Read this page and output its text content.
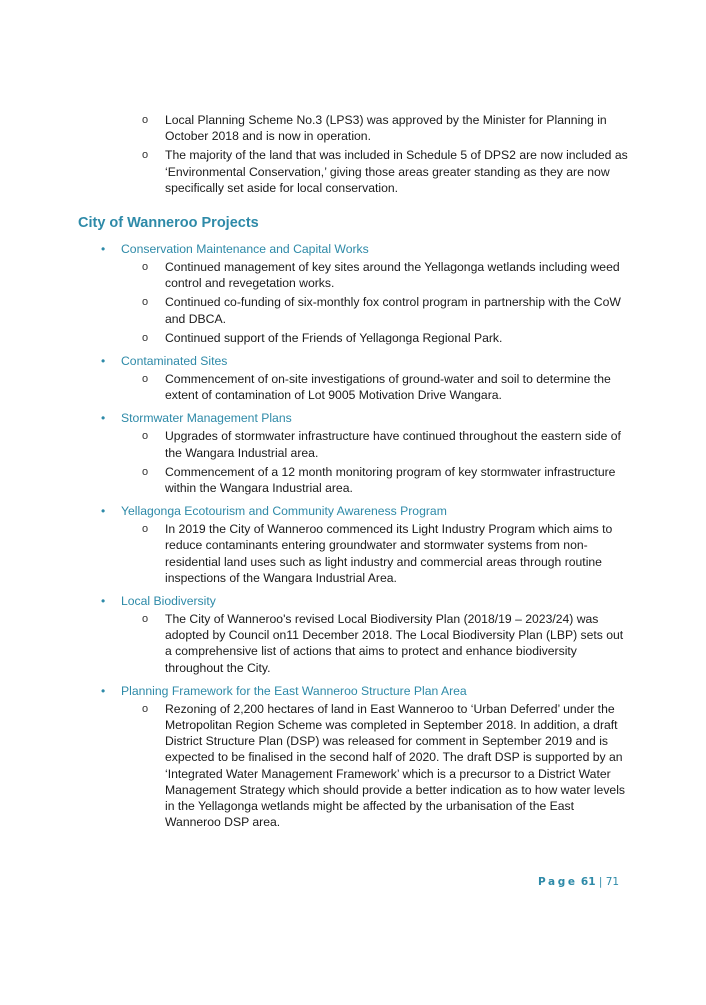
o Local Planning Scheme No.3 (LPS3) was approved by the Minister for Planning in October 2018 and is now in operation.
o The majority of the land that was included in Schedule 5 of DPS2 are now included as ‘Environmental Conservation,’ giving those areas greater standing as they are now specifically set aside for local conservation.
City of Wanneroo Projects
• Conservation Maintenance and Capital Works
o Continued management of key sites around the Yellagonga wetlands including weed control and revegetation works.
o Continued co-funding of six-monthly fox control program in partnership with the CoW and DBCA.
o Continued support of the Friends of Yellagonga Regional Park.
• Contaminated Sites
o Commencement of on-site investigations of ground-water and soil to determine the extent of contamination of Lot 9005 Motivation Drive Wangara.
• Stormwater Management Plans
o Upgrades of stormwater infrastructure have continued throughout the eastern side of the Wangara Industrial area.
o Commencement of a 12 month monitoring program of key stormwater infrastructure within the Wangara Industrial area.
• Yellagonga Ecotourism and Community Awareness Program
o In 2019 the City of Wanneroo commenced its Light Industry Program which aims to reduce contaminants entering groundwater and stormwater systems from non-residential land uses such as light industry and commercial areas through routine inspections of the Wangara Industrial Area.
• Local Biodiversity
o The City of Wanneroo's revised Local Biodiversity Plan (2018/19 – 2023/24) was adopted by Council on11 December 2018. The Local Biodiversity Plan (LBP) sets out a comprehensive list of actions that aims to protect and enhance biodiversity throughout the City.
• Planning Framework for the East Wanneroo Structure Plan Area
o Rezoning of 2,200 hectares of land in East Wanneroo to ‘Urban Deferred’ under the Metropolitan Region Scheme was completed in September 2018. In addition, a draft District Structure Plan (DSP) was released for comment in September 2019 and is expected to be finalised in the second half of 2020. The draft DSP is supported by an ‘Integrated Water Management Framework’ which is a precursor to a District Water Management Strategy which should provide a better indication as to how water levels in the Yellagonga wetlands might be affected by the urbanisation of the East Wanneroo DSP area.
Page 61 | 71
